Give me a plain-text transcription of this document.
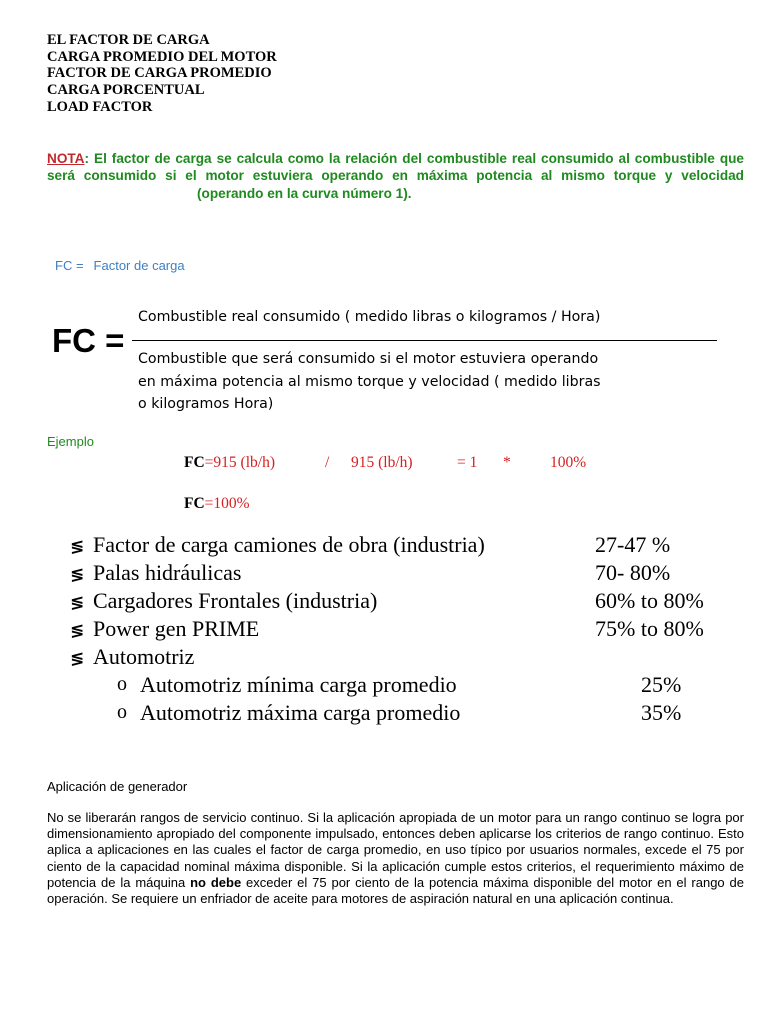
EL FACTOR DE CARGA
CARGA PROMEDIO DEL MOTOR
FACTOR DE CARGA PROMEDIO
CARGA PORCENTUAL
LOAD FACTOR
NOTA: El factor de carga se calcula como la relación del combustible real consumido al combustible que será consumido si el motor estuviera operando en máxima potencia al mismo torque y velocidad(operando en la curva número 1).
FC = Factor de carga
FC =
Combustible real consumido ( medido libras o kilogramos / Hora)
Combustible que será consumido si el motor estuviera operando
en máxima potencia al mismo torque y velocidad ( medido libras
o kilogramos Hora)
Ejemplo
FC=915 (lb/h)	/ 915 (lb/h)	= 1 *	100%
FC=100%
≶ Factor de carga camiones de obra (industria)	27-47 %
≶ Palas hidráulicas	70- 80%
≶ Cargadores Frontales (industria)	60% to 80%
≶ Power gen PRIME	75% to 80%
≶ Automotriz
o Automotriz mínima carga promedio	25%
o Automotriz máxima carga promedio	35%
Aplicación de generador
No se liberarán rangos de servicio continuo. Si la aplicación apropiada de un motor para un rango continuo se logra por dimensionamiento apropiado del componente impulsado, entonces deben aplicarse los criterios de rango continuo. Esto aplica a aplicaciones en las cuales el factor de carga promedio, en uso típico por usuarios normales, excede el 75 por ciento de la capacidad nominal máxima disponible. Si la aplicación cumple estos criterios, el requerimiento máximo de potencia de la máquina no debe exceder el 75 por ciento de la potencia máxima disponible del motor en el rango de operación. Se requiere un enfriador de aceite para motores de aspiración natural en una aplicación continua.
